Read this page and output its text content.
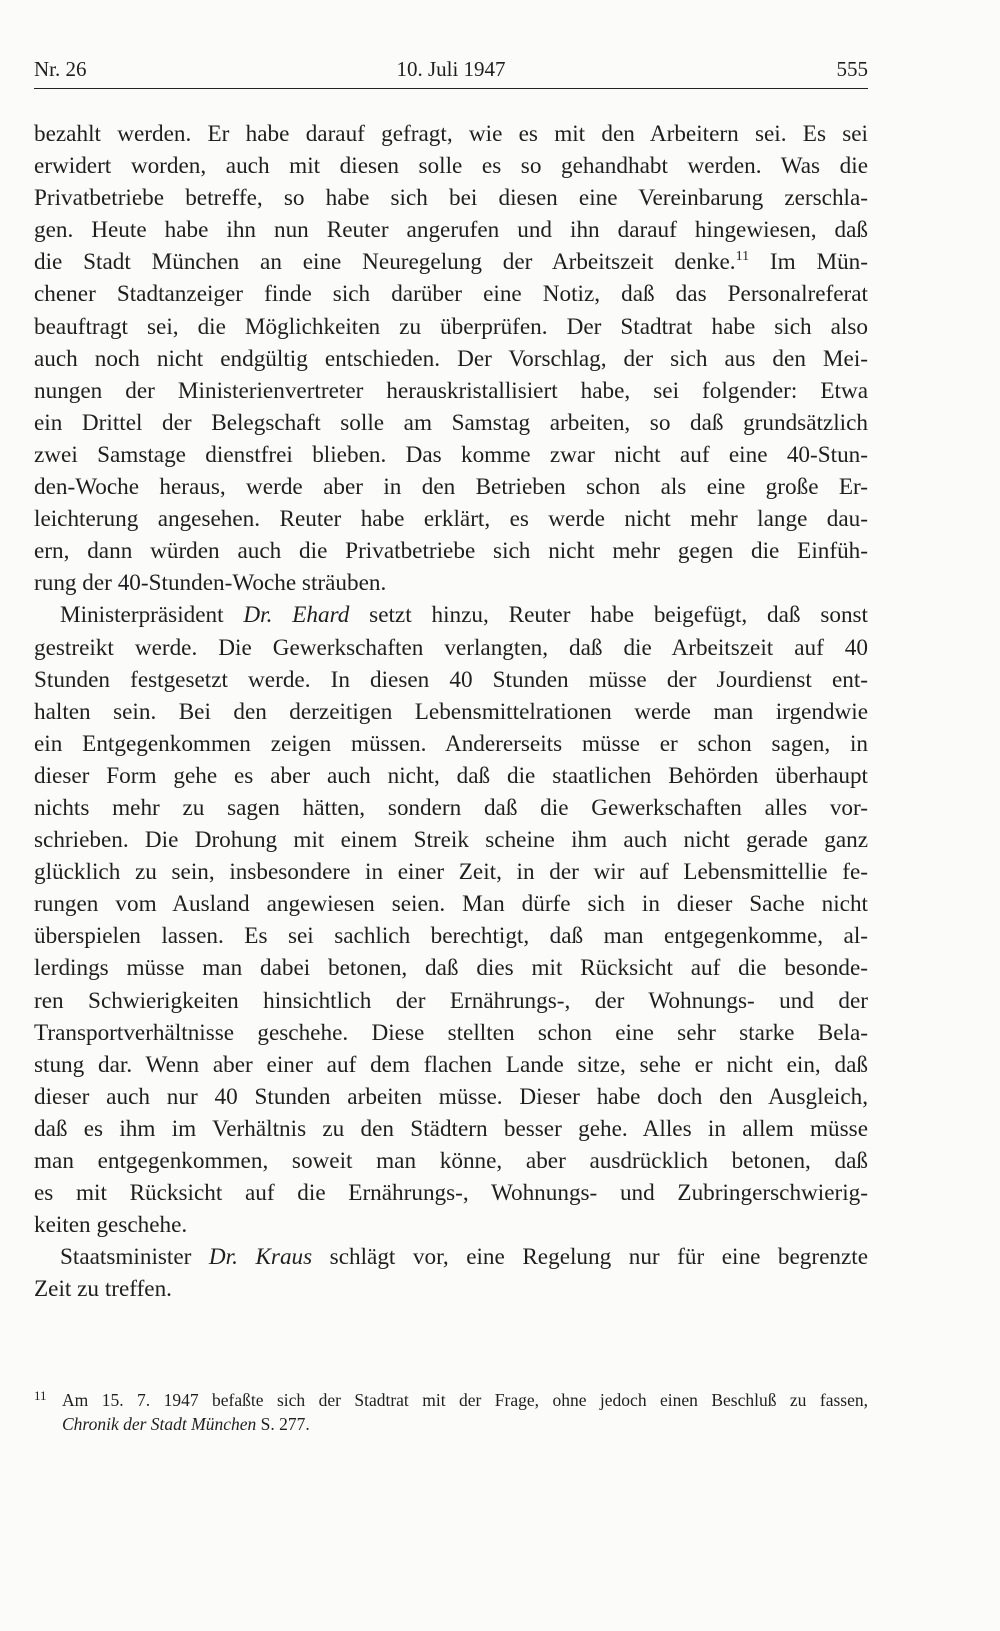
Nr. 26	10. Juli 1947	555

bezahlt werden. Er habe darauf gefragt, wie es mit den Arbeitern sei. Es sei
erwidert worden, auch mit diesen solle es so gehandhabt werden. Was die
Privatbetriebe betreffe, so habe sich bei diesen eine Vereinbarung zerschla-
gen. Heute habe ihn nun Reuter angerufen und ihn darauf hingewiesen, daß
die Stadt München an eine Neuregelung der Arbeitszeit denke.$^{11}$ Im Mün-
chener Stadtanzeiger finde sich darüber eine Notiz, daß das Personalreferat
beauftragt sei, die Möglichkeiten zu überprüfen. Der Stadtrat habe sich also
auch noch nicht endgültig entschieden. Der Vorschlag, der sich aus den Mei-
nungen der Ministerienvertreter herauskristallisiert habe, sei folgender: Etwa
ein Drittel der Belegschaft solle am Samstag arbeiten, so daß grundsätzlich
zwei Samstage dienstfrei blieben. Das komme zwar nicht auf eine 40-Stun-
den-Woche heraus, werde aber in den Betrieben schon als eine große Er-
leichterung angesehen. Reuter habe erklärt, es werde nicht mehr lange dau-
ern, dann würden auch die Privatbetriebe sich nicht mehr gegen die Einfüh-
rung der 40-Stunden-Woche sträuben.

Ministerpräsident Dr. Ehard setzt hinzu, Reuter habe beigefügt, daß sonst
gestreikt werde. Die Gewerkschaften verlangten, daß die Arbeitszeit auf 40
Stunden festgesetzt werde. In diesen 40 Stunden müsse der Jourdienst ent-
halten sein. Bei den derzeitigen Lebensmittelrationen werde man irgendwie
ein Entgegenkommen zeigen müssen. Andererseits müsse er schon sagen, in
dieser Form gehe es aber auch nicht, daß die staatlichen Behörden überhaupt
nichts mehr zu sagen hätten, sondern daß die Gewerkschaften alles vor-
schrieben. Die Drohung mit einem Streik scheine ihm auch nicht gerade ganz
glücklich zu sein, insbesondere in einer Zeit, in der wir auf Lebensmittellie fe-
rungen vom Ausland angewiesen seien. Man dürfe sich in dieser Sache nicht
überspielen lassen. Es sei sachlich berechtigt, daß man entgegenkomme, al-
lerdings müsse man dabei betonen, daß dies mit Rücksicht auf die besonde-
ren Schwierigkeiten hinsichtlich der Ernährungs-, der Wohnungs- und der
Transportverhältnisse geschehe. Diese stellten schon eine sehr starke Bela-
stung dar. Wenn aber einer auf dem flachen Lande sitze, sehe er nicht ein, daß
dieser auch nur 40 Stunden arbeiten müsse. Dieser habe doch den Ausgleich,
daß es ihm im Verhältnis zu den Städtern besser gehe. Alles in allem müsse
man entgegenkommen, soweit man könne, aber ausdrücklich betonen, daß
es mit Rücksicht auf die Ernährungs-, Wohnungs- und Zubringerschwierig-
keiten geschehe.

Staatsminister Dr. Kraus schlägt vor, eine Regelung nur für eine begrenzte
Zeit zu treffen.

11 Am 15. 7. 1947 befaßte sich der Stadtrat mit der Frage, ohne jedoch einen Beschluß zu fassen,
Chronik der Stadt München S. 277.
